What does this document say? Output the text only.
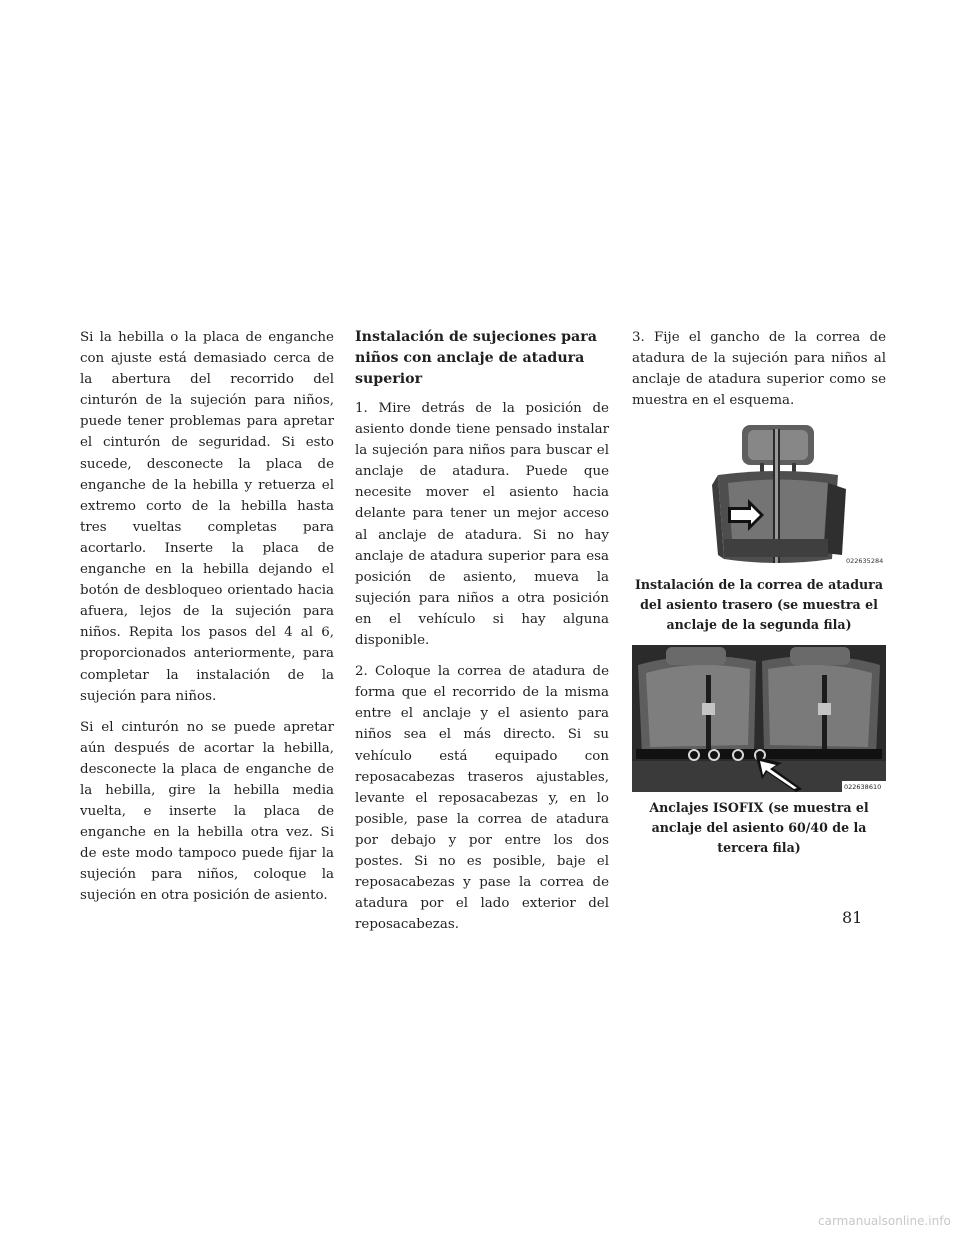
Si la hebilla o la placa de enganche con ajuste está demasiado cerca de la abertura del recorrido del cinturón de la sujeción para niños, puede tener problemas para apretar el cinturón de seguridad. Si esto sucede, desconecte la placa de enganche de la hebilla y retuerza el extremo corto de la hebilla hasta tres vueltas completas para acortarlo. Inserte la placa de enganche en la hebilla dejando el botón de desbloqueo orientado hacia afuera, lejos de la sujeción para niños. Repita los pasos del 4 al 6, proporcionados anteriormente, para completar la instalación de la sujeción para niños.

Si el cinturón no se puede apretar aún después de acortar la hebilla, desconecte la placa de enganche de la hebilla, gire la hebilla media vuelta, e inserte la placa de enganche en la hebilla otra vez. Si de este modo tampoco puede fijar la sujeción para niños, coloque la sujeción en otra posición de asiento.

Instalación de sujeciones para niños con anclaje de atadura superior

1. Mire detrás de la posición de asiento donde tiene pensado instalar la sujeción para niños para buscar el anclaje de atadura. Puede que necesite mover el asiento hacia delante para tener un mejor acceso al anclaje de atadura. Si no hay anclaje de atadura superior para esa posición de asiento, mueva la sujeción para niños a otra posición en el vehículo si hay alguna disponible.

2. Coloque la correa de atadura de forma que el recorrido de la misma entre el anclaje y el asiento para niños sea el más directo. Si su vehículo está equipado con reposacabezas traseros ajustables, levante el reposacabezas y, en lo posible, pase la correa de atadura por debajo y por entre los dos postes. Si no es posible, baje el reposacabezas y pase la correa de atadura por el lado exterior del reposacabezas.

3. Fije el gancho de la correa de atadura de la sujeción para niños al anclaje de atadura superior como se muestra en el esquema.

022635284
Instalación de la correa de atadura del asiento trasero (se muestra el anclaje de la segunda fila)
022638610
Anclajes ISOFIX (se muestra el anclaje del asiento 60/40 de la tercera fila)
81
carmanualsonline.info
